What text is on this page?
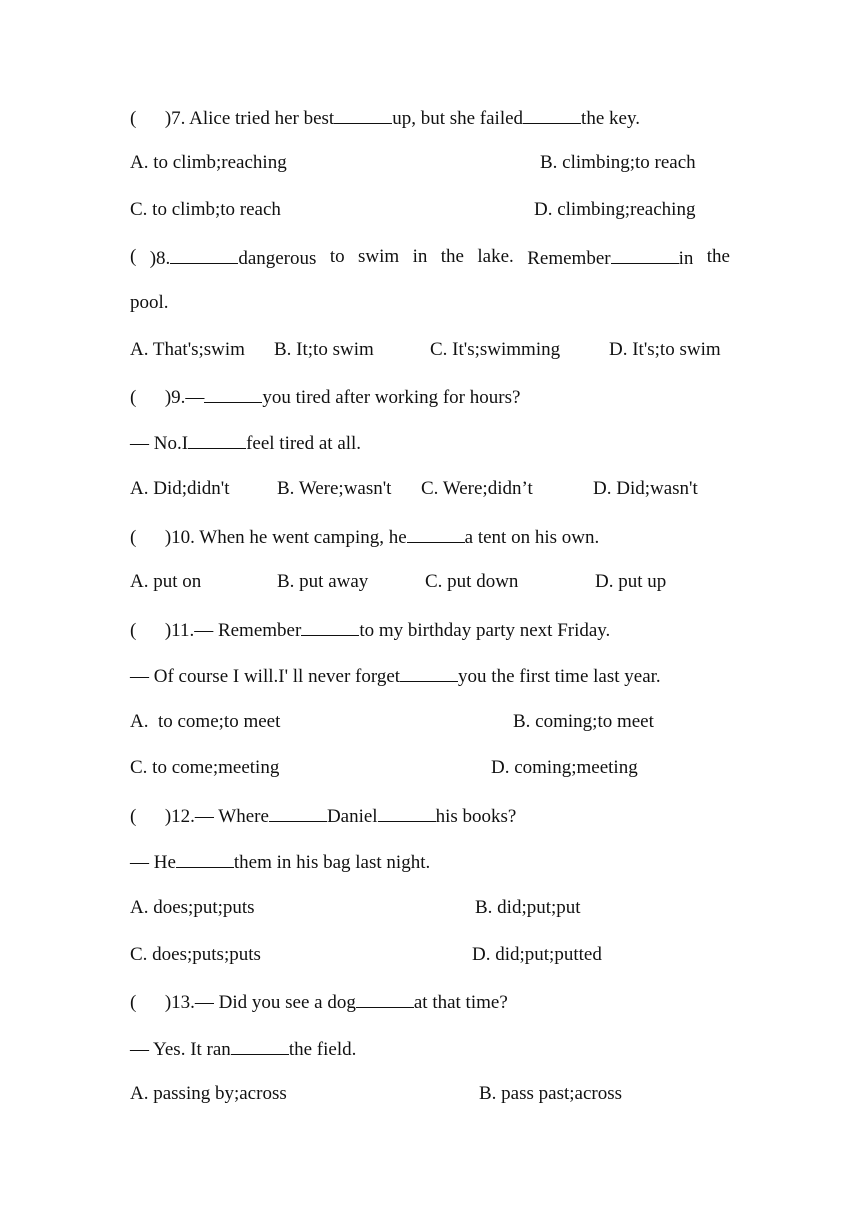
(      )7. Alice tried her best	up, but she failed	the key.
A. to climb;reaching	B. climbing;to reach
C. to climb;to reach	D. climbing;reaching
( )8.	dangerous to swim in the lake. Remember	in the
pool.
A. That's;swim B. It;to swim	C. It's;swimming	D. It's;to swim
(      )9.—	you tired after working for hours?
— No.I	feel tired at all.
A. Did;didn't	B. Were;wasn't C. Were;didn’t	D. Did;wasn't
(      )10. When he went camping, he	a tent on his own.
A. put on	B. put away	C. put down	D. put up
(      )11.— Remember	to my birthday party next Friday.
— Of course I will.I' ll never forget	you the first time last year.
A.  to come;to meet	B. coming;to meet
C. to come;meeting	D. coming;meeting
(      )12.— Where	Daniel	his books?
— He	them in his bag last night.
A. does;put;puts	B. did;put;put
C. does;puts;puts	D. did;put;putted
(      )13.— Did you see a dog	at that time?
— Yes. It ran	the field.
A. passing by;across	B. pass past;across
